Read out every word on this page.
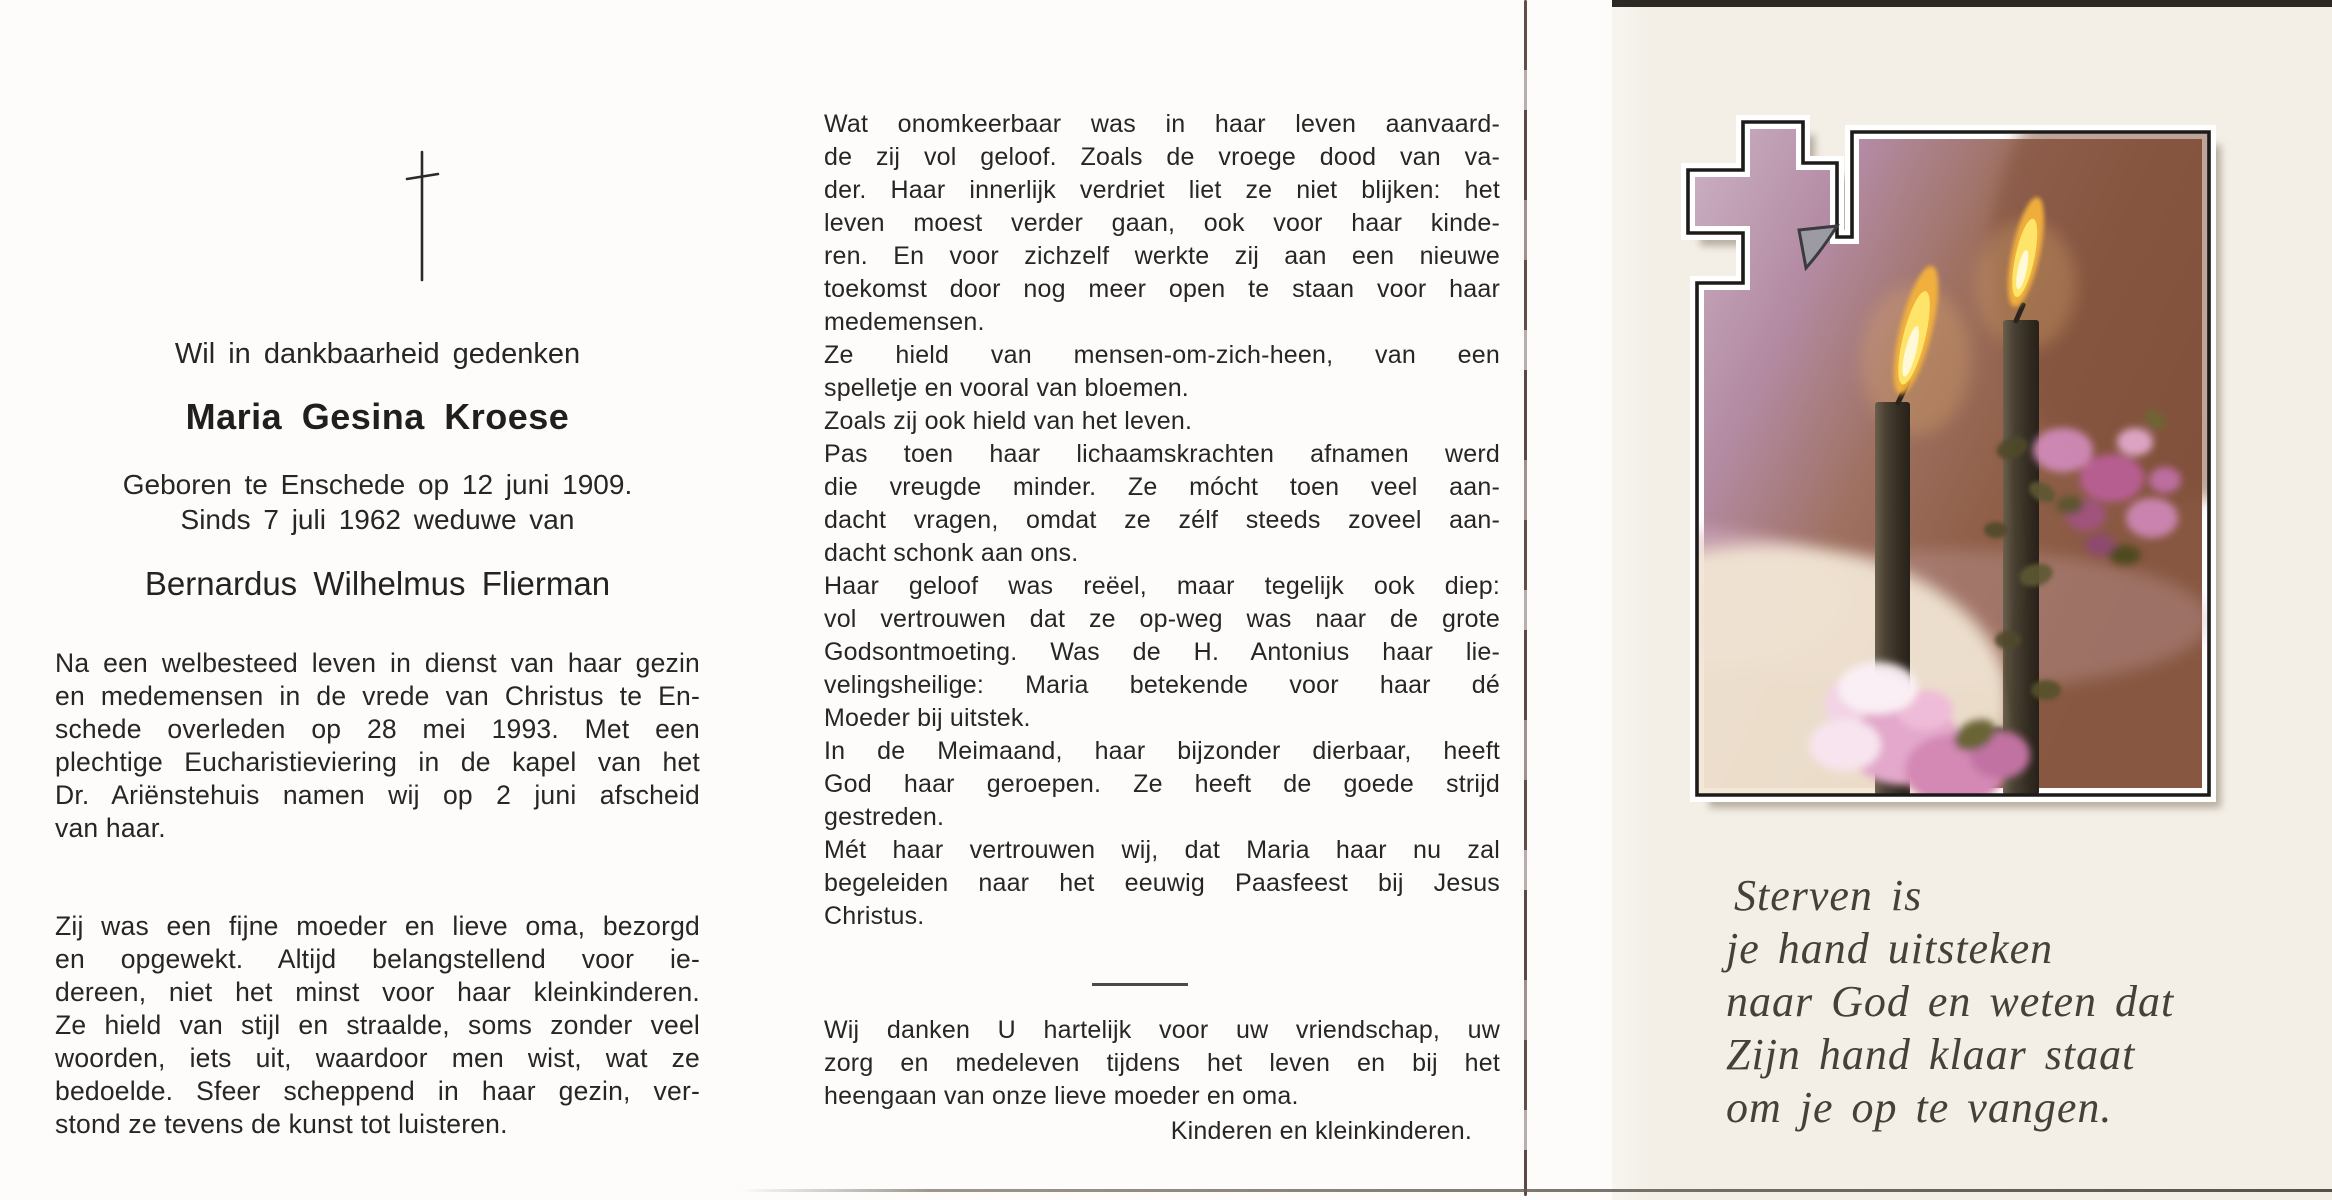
Wil in dankbaarheid gedenken
Maria Gesina Kroese
Geboren te Enschede op 12 juni 1909.
Sinds 7 juli 1962 weduwe van
Bernardus Wilhelmus Flierman
Na een welbesteed leven in dienst van haar gezin
en medemensen in de vrede van Christus te En-
schede overleden op 28 mei 1993. Met een
plechtige Eucharistieviering in de kapel van het
Dr. Ariënstehuis namen wij op 2 juni afscheid
van haar.
Zij was een fijne moeder en lieve oma, bezorgd
en opgewekt. Altijd belangstellend voor ie-
dereen, niet het minst voor haar kleinkinderen.
Ze hield van stijl en straalde, soms zonder veel
woorden, iets uit, waardoor men wist, wat ze
bedoelde. Sfeer scheppend in haar gezin, ver-
stond ze tevens de kunst tot luisteren.
Wat onomkeerbaar was in haar leven aanvaard-
de zij vol geloof. Zoals de vroege dood van va-
der. Haar innerlijk verdriet liet ze niet blijken: het
leven moest verder gaan, ook voor haar kinde-
ren. En voor zichzelf werkte zij aan een nieuwe
toekomst door nog meer open te staan voor haar
medemensen.
Ze hield van mensen-om-zich-heen, van een
spelletje en vooral van bloemen.
Zoals zij ook hield van het leven.
Pas toen haar lichaamskrachten afnamen werd
die vreugde minder. Ze mócht toen veel aan-
dacht vragen, omdat ze zélf steeds zoveel aan-
dacht schonk aan ons.
Haar geloof was reëel, maar tegelijk ook diep:
vol vertrouwen dat ze op-weg was naar de grote
Godsontmoeting. Was de H. Antonius haar lie-
velingsheilige: Maria betekende voor haar dé
Moeder bij uitstek.
In de Meimaand, haar bijzonder dierbaar, heeft
God haar geroepen. Ze heeft de goede strijd
gestreden.
Mét haar vertrouwen wij, dat Maria haar nu zal
begeleiden naar het eeuwig Paasfeest bij Jesus
Christus.
Wij danken U hartelijk voor uw vriendschap, uw
zorg en medeleven tijdens het leven en bij het
heengaan van onze lieve moeder en oma.
Kinderen en kleinkinderen.
Sterven is
je hand uitsteken
naar God en weten dat
Zijn hand klaar staat
om je op te vangen.
